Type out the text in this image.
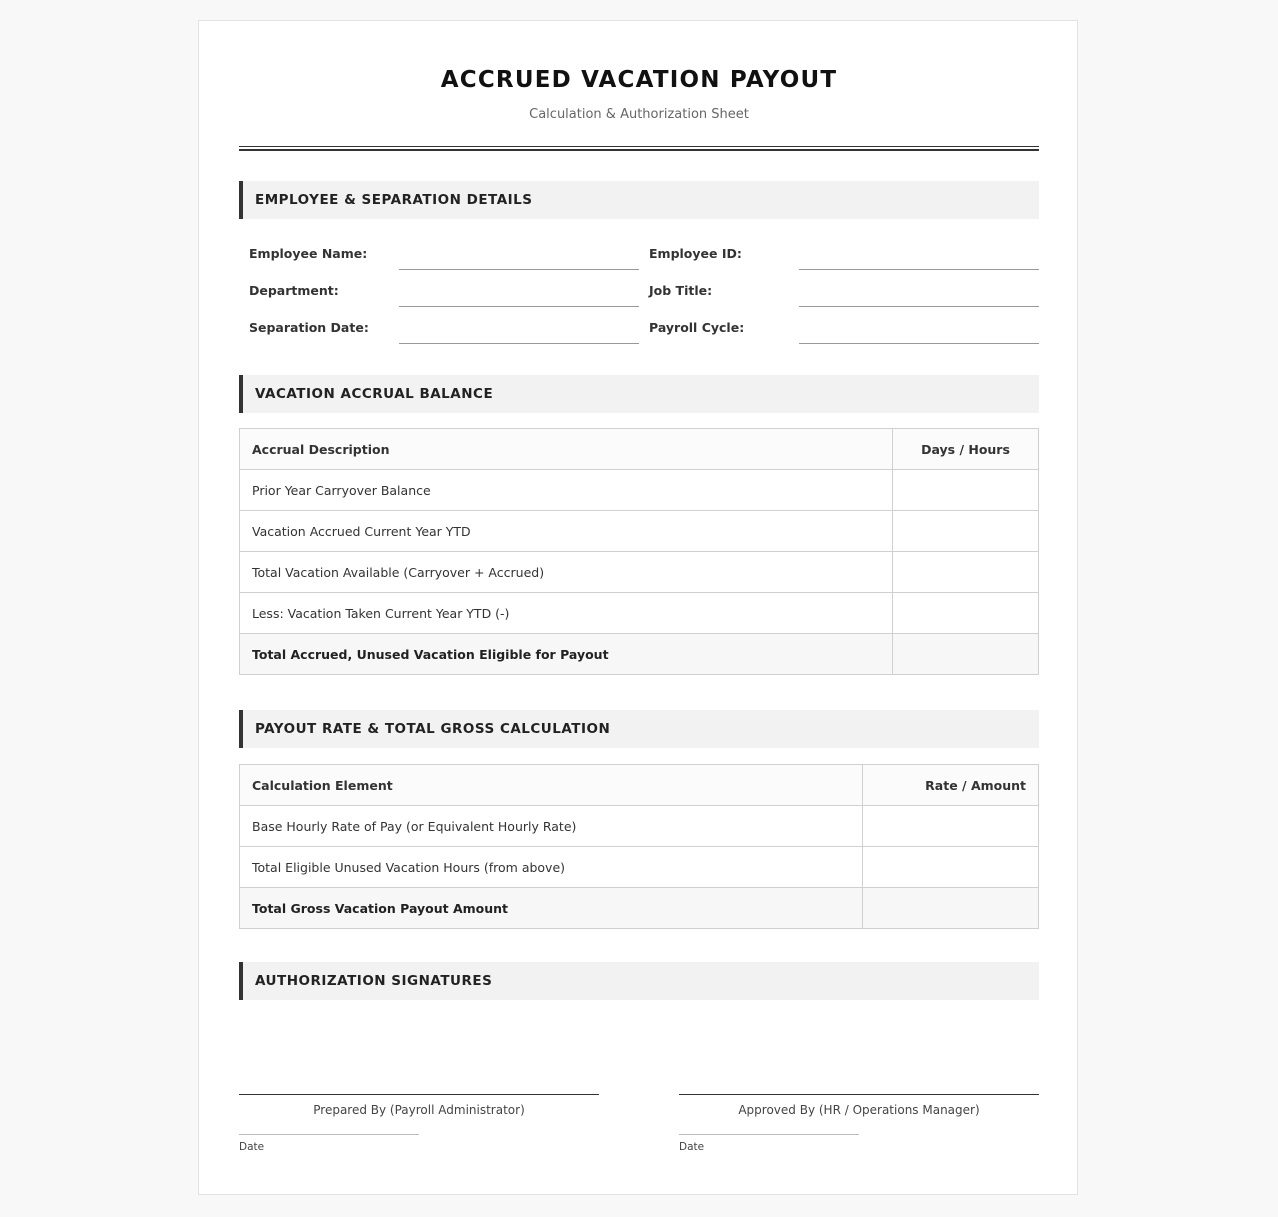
ACCRUED VACATION PAYOUT
Calculation & Authorization Sheet
EMPLOYEE & SEPARATION DETAILS
Employee Name:	Employee ID:
Department:	Job Title:
Separation Date:	Payroll Cycle:
VACATION ACCRUAL BALANCE
Accrual Description	Days / Hours
Prior Year Carryover Balance	
Vacation Accrued Current Year YTD	
Total Vacation Available (Carryover + Accrued)	
Less: Vacation Taken Current Year YTD (-)	
Total Accrued, Unused Vacation Eligible for Payout	
PAYOUT RATE & TOTAL GROSS CALCULATION
Calculation Element	Rate / Amount
Base Hourly Rate of Pay (or Equivalent Hourly Rate)	
Total Eligible Unused Vacation Hours (from above)	
Total Gross Vacation Payout Amount	
AUTHORIZATION SIGNATURES
Prepared By (Payroll Administrator)
Date
Approved By (HR / Operations Manager)
Date
